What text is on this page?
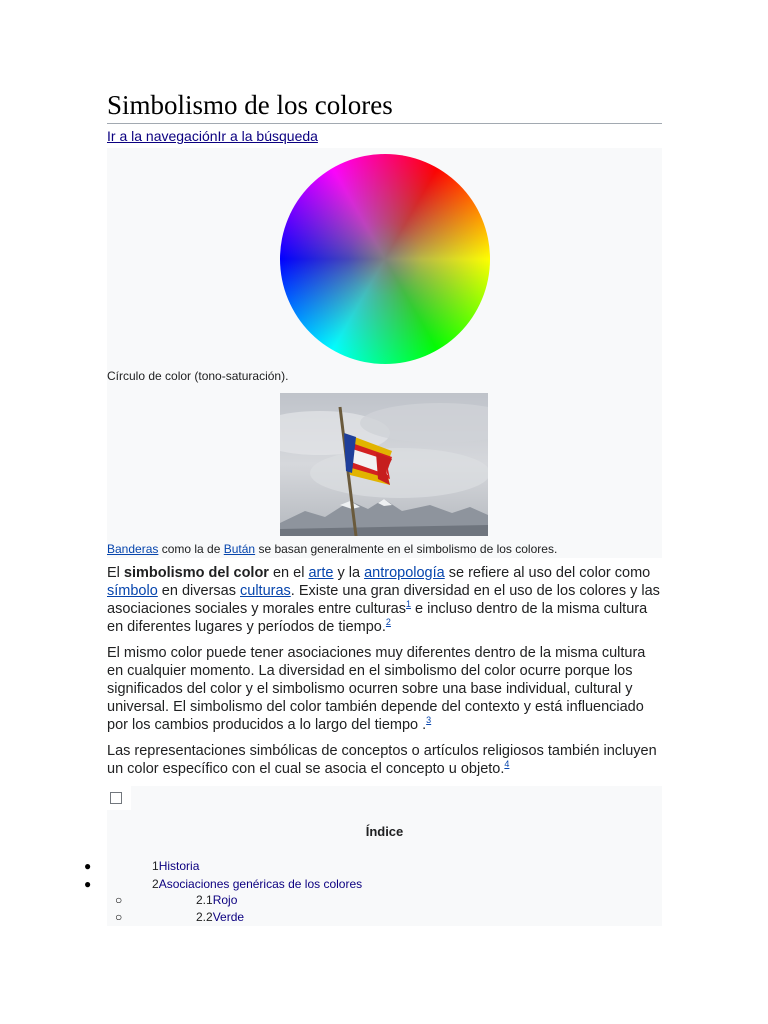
Simbolismo de los colores
Ir a la navegaciónIr a la búsqueda
Círculo de color (tono-saturación).
Banderas como la de Bután se basan generalmente en el simbolismo de los colores.

El simbolismo del color en el arte y la antropología se refiere al uso del color como símbolo en diversas culturas. Existe una gran diversidad en el uso de los colores y las asociaciones sociales y morales entre culturas$^1$ e incluso dentro de la misma cultura en diferentes lugares y períodos de tiempo.$^2$

El mismo color puede tener asociaciones muy diferentes dentro de la misma cultura en cualquier momento. La diversidad en el simbolismo del color ocurre porque los significados del color y el simbolismo ocurren sobre una base individual, cultural y universal. El simbolismo del color también depende del contexto y está influenciado por los cambios producidos a lo largo del tiempo .$^3$

Las representaciones simbólicas de conceptos o artículos religiosos también incluyen un color específico con el cual se asocia el concepto u objeto.$^4$

Índice
●	1Historia
●	2Asociaciones genéricas de los colores
○	2.1Rojo
○	2.2Verde
